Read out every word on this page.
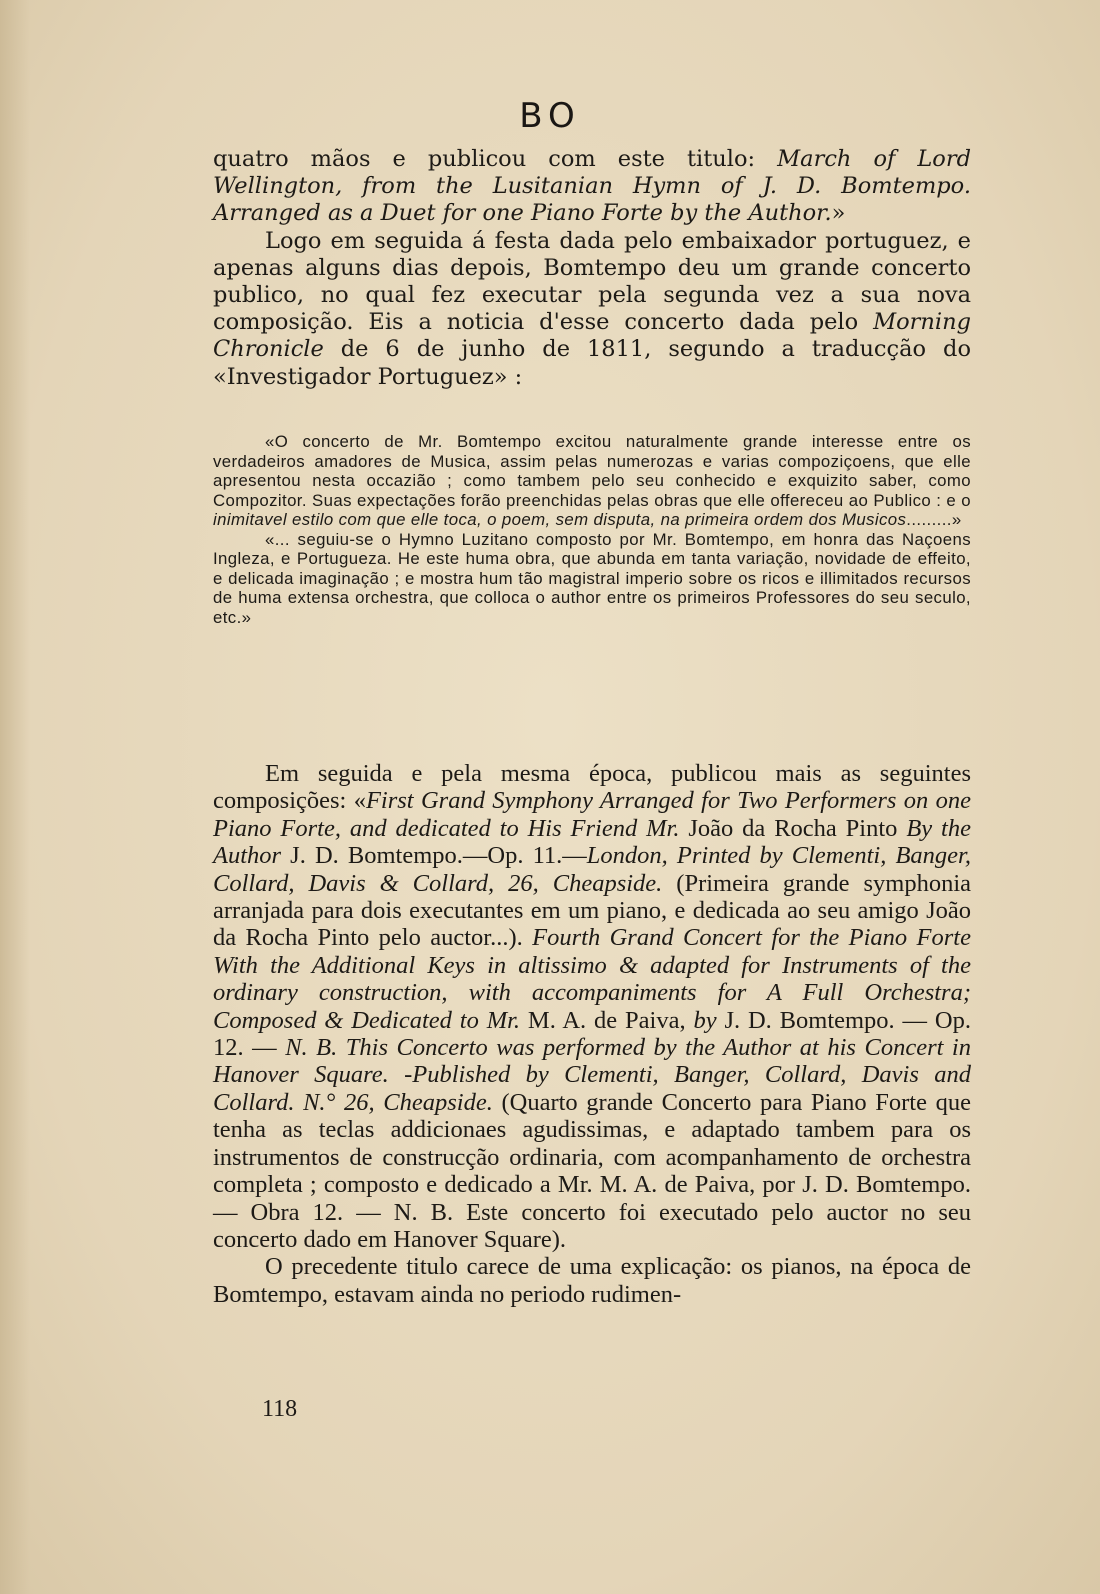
BO

quatro mãos e publicou com este titulo: March of Lord Wellington, from the Lusitanian Hymn of J. D. Bomtempo. Arranged as a Duet for one Piano Forte by the Author.»

Logo em seguida á festa dada pelo embaixador portuguez, e apenas alguns dias depois, Bomtempo deu um grande concerto publico, no qual fez executar pela segunda vez a sua nova composição. Eis a noticia d'esse concerto dada pelo Morning Chronicle de 6 de junho de 1811, segundo a traducção do «Investigador Portuguez» :

«O concerto de Mr. Bomtempo excitou naturalmente grande interesse entre os verdadeiros amadores de Musica, assim pelas numerozas e varias compoziçoens, que elle apresentou nesta occazião ; como tambem pelo seu conhecido e exquizito saber, como Compozitor. Suas expectações forão preenchidas pelas obras que elle offereceu ao Publico : e o inimitavel estilo com que elle toca, o poem, sem disputa, na primeira ordem dos Musicos.........»

«... seguiu-se o Hymno Luzitano composto por Mr. Bomtempo, em honra das Naçoens Ingleza, e Portugueza. He este huma obra, que abunda em tanta variação, novidade de effeito, e delicada imaginação ; e mostra hum tão magistral imperio sobre os ricos e illimitados recursos de huma extensa orchestra, que colloca o author entre os primeiros Professores do seu seculo, etc.»

Em seguida e pela mesma época, publicou mais as seguintes composições: «First Grand Symphony Arranged for Two Performers on one Piano Forte, and dedicated to His Friend Mr. João da Rocha Pinto By the Author J. D. Bomtempo.—Op. 11.—London, Printed by Clementi, Banger, Collard, Davis & Collard, 26, Cheapside. (Primeira grande symphonia arranjada para dois executantes em um piano, e dedicada ao seu amigo João da Rocha Pinto pelo auctor...). Fourth Grand Concert for the Piano Forte With the Additional Keys in altissimo & adapted for Instruments of the ordinary construction, with accompaniments for A Full Orchestra; Composed & Dedicated to Mr. M. A. de Paiva, by J. D. Bomtempo. — Op. 12. — N. B. This Concerto was performed by the Author at his Concert in Hanover Square. -Published by Clementi, Banger, Collard, Davis and Collard. N.° 26, Cheapside. (Quarto grande Concerto para Piano Forte que tenha as teclas addicionaes agudissimas, e adaptado tambem para os instrumentos de construcção ordinaria, com acompanhamento de orchestra completa ; composto e dedicado a Mr. M. A. de Paiva, por J. D. Bomtempo. — Obra 12. — N. B. Este concerto foi executado pelo auctor no seu concerto dado em Hanover Square).

O precedente titulo carece de uma explicação: os pianos, na época de Bomtempo, estavam ainda no periodo rudimen-

118
